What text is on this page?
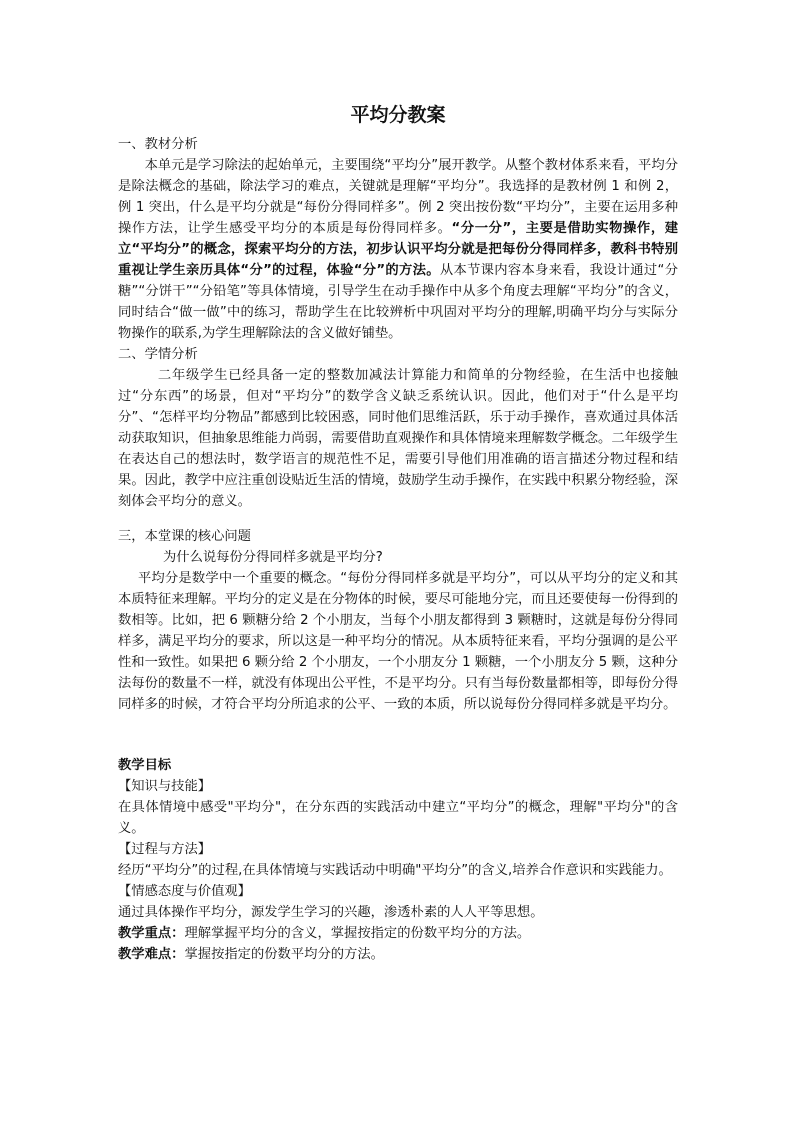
平均分教案
一、教材分析

本单元是学习除法的起始单元，主要围绕“平均分”展开教学。从整个教材体系来看，平均分是除法概念的基础，除法学习的难点，关键就是理解“平均分”。我选择的是教材例 1 和例 2，例 1 突出，什么是平均分就是“每份分得同样多”。例 2 突出按份数“平均分”，主要在运用多种操作方法，让学生感受平均分的本质是每份得同样多。“分一分”，主要是借助实物操作，建立“平均分”的概念，探索平均分的方法，初步认识平均分就是把每份分得同样多，教科书特别重视让学生亲历具体“分”的过程，体验“分”的方法。从本节课内容本身来看，我设计通过“分糖”“分饼干”“分铅笔”等具体情境，引导学生在动手操作中从多个角度去理解“平均分”的含义，同时结合“做一做”中的练习，帮助学生在比较辨析中巩固对平均分的理解,明确平均分与实际分物操作的联系,为学生理解除法的含义做好铺垫。

二、学情分析

二年级学生已经具备一定的整数加减法计算能力和简单的分物经验，在生活中也接触过“分东西”的场景，但对“平均分”的数学含义缺乏系统认识。因此，他们对于“什么是平均分”、“怎样平均分物品”都感到比较困惑，同时他们思维活跃，乐于动手操作，喜欢通过具体活动获取知识，但抽象思维能力尚弱，需要借助直观操作和具体情境来理解数学概念。二年级学生在表达自己的想法时，数学语言的规范性不足，需要引导他们用准确的语言描述分物过程和结果。因此，教学中应注重创设贴近生活的情境，鼓励学生动手操作，在实践中积累分物经验，深刻体会平均分的意义。

三，本堂课的核心问题
为什么说每份分得同样多就是平均分?

平均分是数学中一个重要的概念。“每份分得同样多就是平均分”，可以从平均分的定义和其本质特征来理解。平均分的定义是在分物体的时候，要尽可能地分完，而且还要使每一份得到的数相等。比如，把 6 颗糖分给 2 个小朋友，当每个小朋友都得到 3 颗糖时，这就是每份分得同样多，满足平均分的要求，所以这是一种平均分的情况。从本质特征来看，平均分强调的是公平性和一致性。如果把 6 颗分给 2 个小朋友，一个小朋友分 1 颗糖，一个小朋友分 5 颗，这种分法每份的数量不一样，就没有体现出公平性，不是平均分。只有当每份数量都相等，即每份分得同样多的时候，才符合平均分所追求的公平、一致的本质，所以说每份分得同样多就是平均分。

教学目标
【知识与技能】

在具体情境中感受"平均分"，在分东西的实践活动中建立“平均分”的概念，理解"平均分"的含义。

【过程与方法】

经历“平均分”的过程,在具体情境与实践话动中明确"平均分”的含义,培养合作意识和实践能力。

【情感态度与价值观】

通过具体操作平均分，源发学生学习的兴趣，渗透朴素的人人平等思想。

教学重点：理解掌握平均分的含义，掌握按指定的份数平均分的方法。

教学难点：掌握按指定的份数平均分的方法。
